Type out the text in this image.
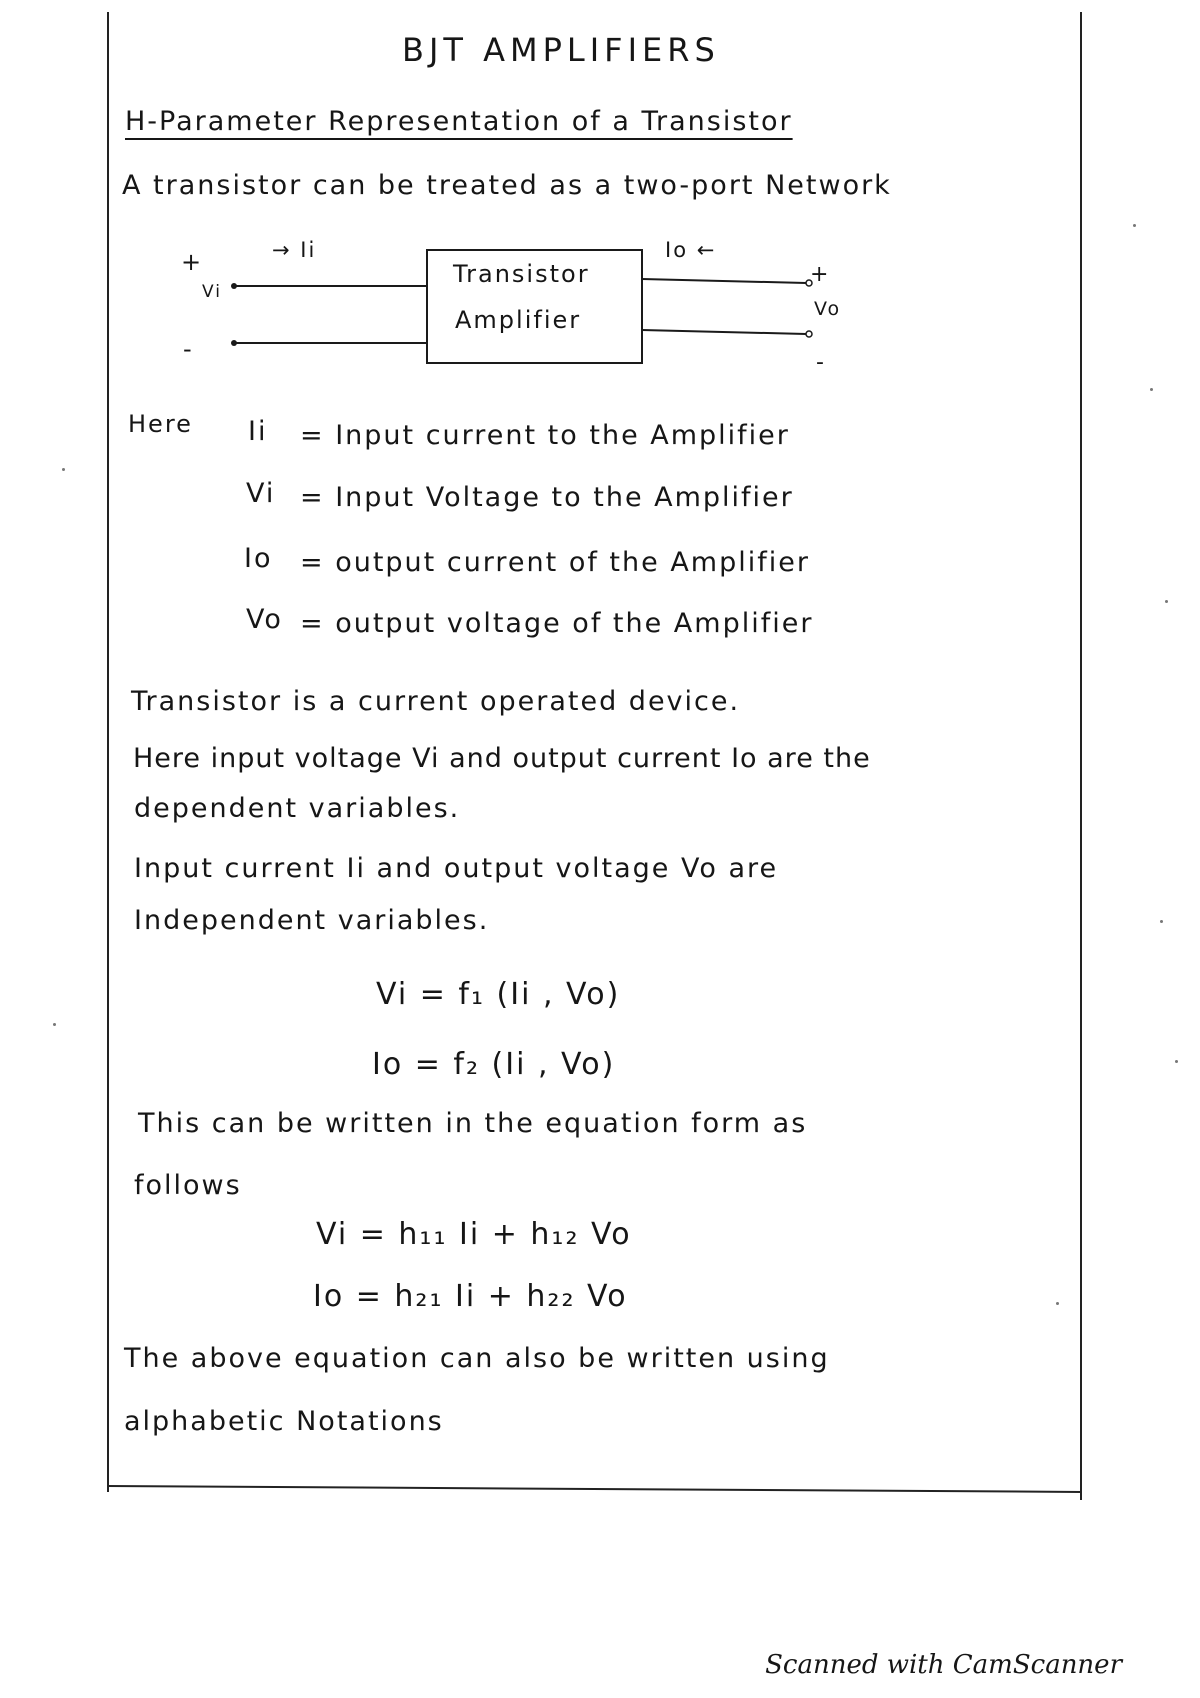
BJT AMPLIFIERS
H-Parameter Representation of a Transistor
A transistor can be treated as a two-port Network
Transistor
Amplifier
+
Vi
-
→ Ii	Io ←
+
Vo
-
Here Ii = Input current to the Amplifier
Vi = Input Voltage to the Amplifier
Io = output current of the Amplifier
Vo = output voltage of the Amplifier
Transistor is a current operated device.
Here input voltage Vi and output current Io are the
dependent variables.
Input current Ii and output voltage Vo are
Independent variables.
Vi = f₁ (Ii , Vo)
Io = f₂ (Ii , Vo)
This can be written in the equation form as
follows
Vi = h₁₁ Ii + h₁₂ Vo
Io = h₂₁ Ii + h₂₂ Vo
The above equation can also be written using
alphabetic Notations
Scanned with CamScanner
